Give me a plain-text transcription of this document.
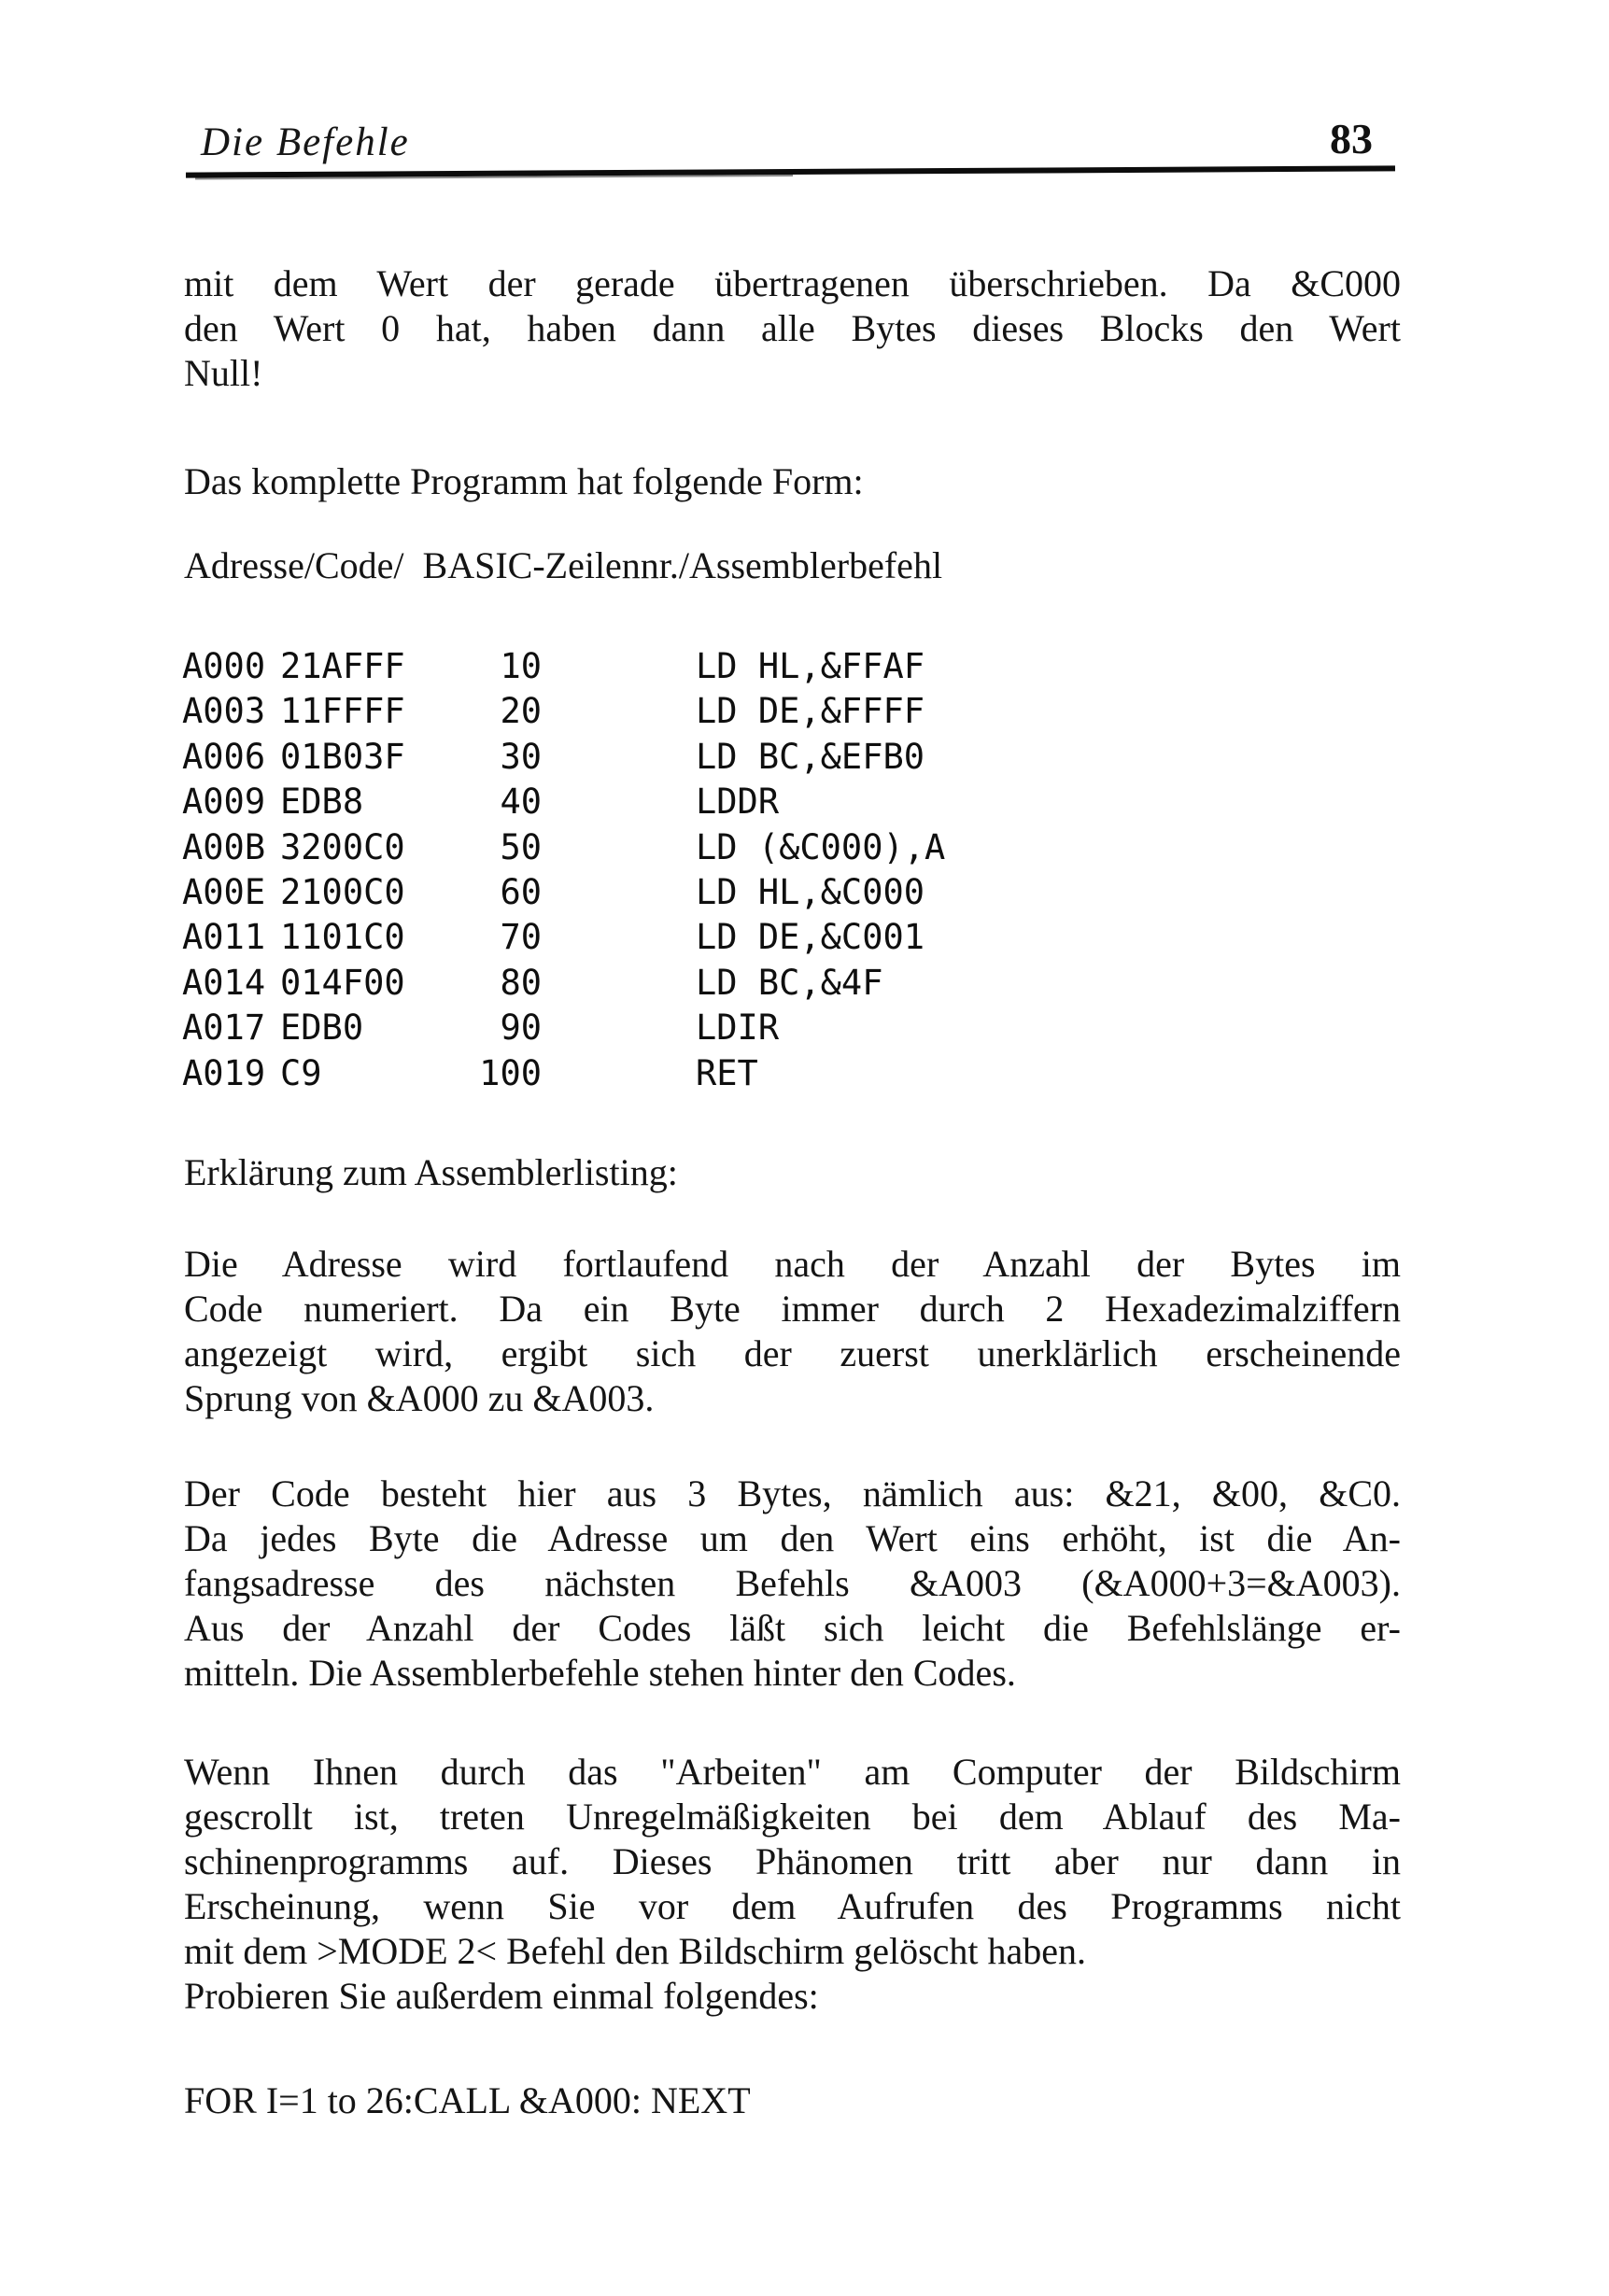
Die Befehle	83
mit dem Wert der gerade übertragenen überschrieben. Da &C000
den Wert 0 hat, haben dann alle Bytes dieses Blocks den Wert
Null!
Das komplette Programm hat folgende Form:
Adresse/Code/  BASIC-Zeilennr./Assemblerbefehl
A000 21AFFF	10	LD HL,&FFAF
A003 11FFFF	20	LD DE,&FFFF
A006 01B03F	30	LD BC,&EFB0
A009 EDB8	40	LDDR
A00B 3200C0	50	LD (&C000),A
A00E 2100C0	60	LD HL,&C000
A011 1101C0	70	LD DE,&C001
A014 014F00	80	LD BC,&4F
A017 EDB0	90	LDIR
A019 C9	100	RET
Erklärung zum Assemblerlisting:
Die Adresse wird fortlaufend nach der Anzahl der Bytes im
Code numeriert. Da ein Byte immer durch 2 Hexadezimalziffern
angezeigt wird, ergibt sich der zuerst unerklärlich erscheinende
Sprung von &A000 zu &A003.
Der Code besteht hier aus 3 Bytes, nämlich aus: &21, &00, &C0.
Da jedes Byte die Adresse um den Wert eins erhöht, ist die An-
fangsadresse des nächsten Befehls &A003 (&A000+3=&A003).
Aus der Anzahl der Codes läßt sich leicht die Befehlslänge er-
mitteln. Die Assemblerbefehle stehen hinter den Codes.
Wenn Ihnen durch das "Arbeiten" am Computer der Bildschirm
gescrollt ist, treten Unregelmäßigkeiten bei dem Ablauf des Ma-
schinenprogramms auf. Dieses Phänomen tritt aber nur dann in
Erscheinung, wenn Sie vor dem Aufrufen des Programms nicht
mit dem >MODE 2< Befehl den Bildschirm gelöscht haben.
Probieren Sie außerdem einmal folgendes:
FOR I=1 to 26:CALL &A000: NEXT
